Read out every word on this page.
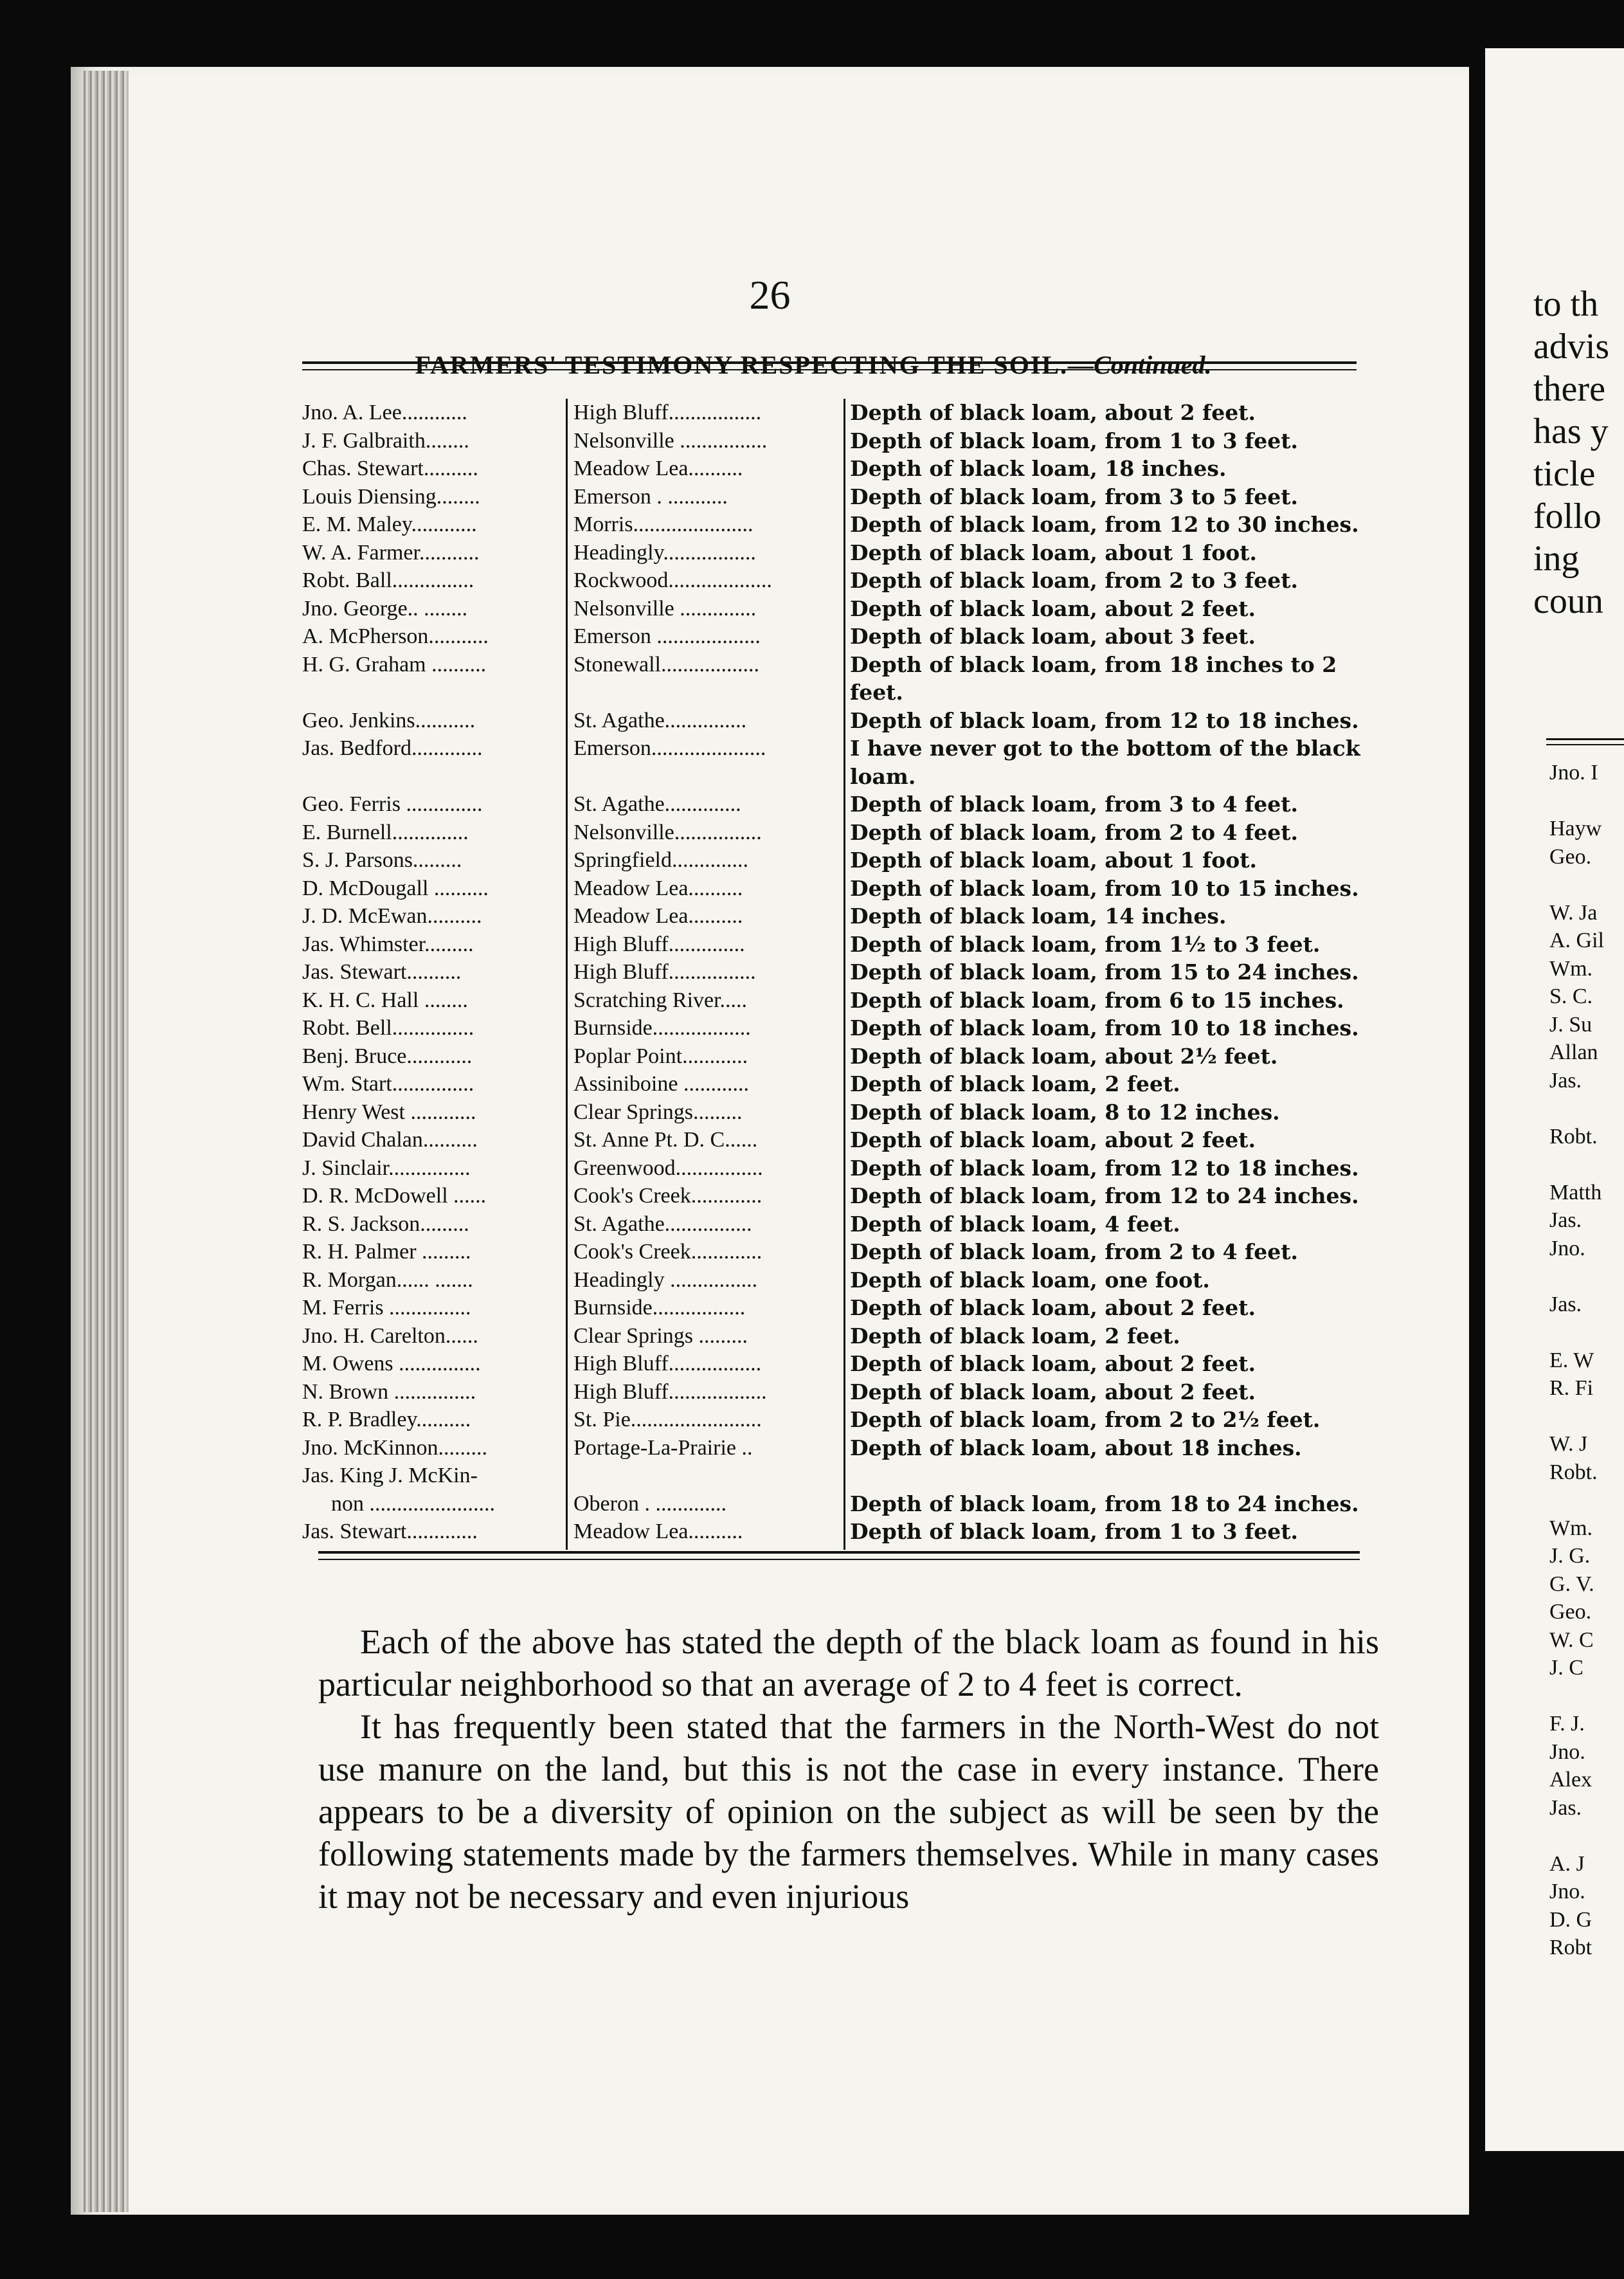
26
FARMERS' TESTIMONY RESPECTING THE SOIL.—Continued.
Jno. A. Lee............	High Bluff.................	Depth of black loam, about 2 feet.
J. F. Galbraith........	Nelsonville ................	Depth of black loam, from 1 to 3 feet.
Chas. Stewart..........	Meadow Lea..........	Depth of black loam, 18 inches.
Louis Diensing........	Emerson . ...........	Depth of black loam, from 3 to 5 feet.
E. M. Maley............	Morris......................	Depth of black loam, from 12 to 30 inches.
W. A. Farmer...........	Headingly.................	Depth of black loam, about 1 foot.
Robt. Ball...............	Rockwood...................	Depth of black loam, from 2 to 3 feet.
Jno. George.. ........	Nelsonville ..............	Depth of black loam, about 2 feet.
A. McPherson...........	Emerson ...................	Depth of black loam, about 3 feet.
H. G. Graham ..........	Stonewall..................	Depth of black loam, from 18 inches to 2 feet.
Geo. Jenkins...........	St. Agathe...............	Depth of black loam, from 12 to 18 inches.
Jas. Bedford.............	Emerson.....................	I have never got to the bottom of the black loam.
Geo. Ferris ..............	St. Agathe..............	Depth of black loam, from 3 to 4 feet.
E. Burnell..............	Nelsonville................	Depth of black loam, from 2 to 4 feet.
S. J. Parsons.........	Springfield..............	Depth of black loam, about 1 foot.
D. McDougall ..........	Meadow Lea..........	Depth of black loam, from 10 to 15 inches.
J. D. McEwan..........	Meadow Lea..........	Depth of black loam, 14 inches.
Jas. Whimster.........	High Bluff..............	Depth of black loam, from 1½ to 3 feet.
Jas. Stewart..........	High Bluff................	Depth of black loam, from 15 to 24 inches.
K. H. C. Hall ........	Scratching River.....	Depth of black loam, from 6 to 15 inches.
Robt. Bell...............	Burnside..................	Depth of black loam, from 10 to 18 inches.
Benj. Bruce............	Poplar Point............	Depth of black loam, about 2½ feet.
Wm. Start...............	Assiniboine ............	Depth of black loam, 2 feet.
Henry West ............	Clear Springs.........	Depth of black loam, 8 to 12 inches.
David Chalan..........	St. Anne Pt. D. C......	Depth of black loam, about 2 feet.
J. Sinclair...............	Greenwood................	Depth of black loam, from 12 to 18 inches.
D. R. McDowell ......	Cook's Creek.............	Depth of black loam, from 12 to 24 inches.
R. S. Jackson.........	St. Agathe................	Depth of black loam, 4 feet.
R. H. Palmer .........	Cook's Creek.............	Depth of black loam, from 2 to 4 feet.
R. Morgan...... .......	Headingly ................	Depth of black loam, one foot.
M. Ferris ...............	Burnside.................	Depth of black loam, about 2 feet.
Jno. H. Carelton......	Clear Springs .........	Depth of black loam, 2 feet.
M. Owens ...............	High Bluff.................	Depth of black loam, about 2 feet.
N. Brown ...............	High Bluff..................	Depth of black loam, about 2 feet.
R. P. Bradley..........	St. Pie........................	Depth of black loam, from 2 to 2½ feet.
Jno. McKinnon.........	Portage-La-Prairie ..	Depth of black loam, about 18 inches.
Jas. King J. McKin-
non .......................	Oberon . .............	Depth of black loam, from 18 to 24 inches.
Jas. Stewart.............	Meadow Lea..........	Depth of black loam, from 1 to 3 feet.

Each of the above has stated the depth of the black loam as found in his particular neighborhood so that an average of 2 to 4 feet is correct.

It has frequently been stated that the farmers in the North-West do not use manure on the land, but this is not the case in every instance. There appears to be a diversity of opinion on the subject as will be seen by the following statements made by the farmers themselves. While in many cases it may not be necessary and even injurious

to th
advis
there
has y
ticle
follo
ing
coun
Jno. I
Hayw
Geo.
W. Ja
A. Gil
Wm.
S. C.
J. Su
Allan
Jas.
Robt.
Matth
Jas.
Jno.
Jas.
E. W
R. Fi
W. J
Robt.
Wm.
J. G.
G. V.
Geo.
W. C
J. C
F. J.
Jno.
Alex
Jas.
A. J
Jno.
D. G
Robt
